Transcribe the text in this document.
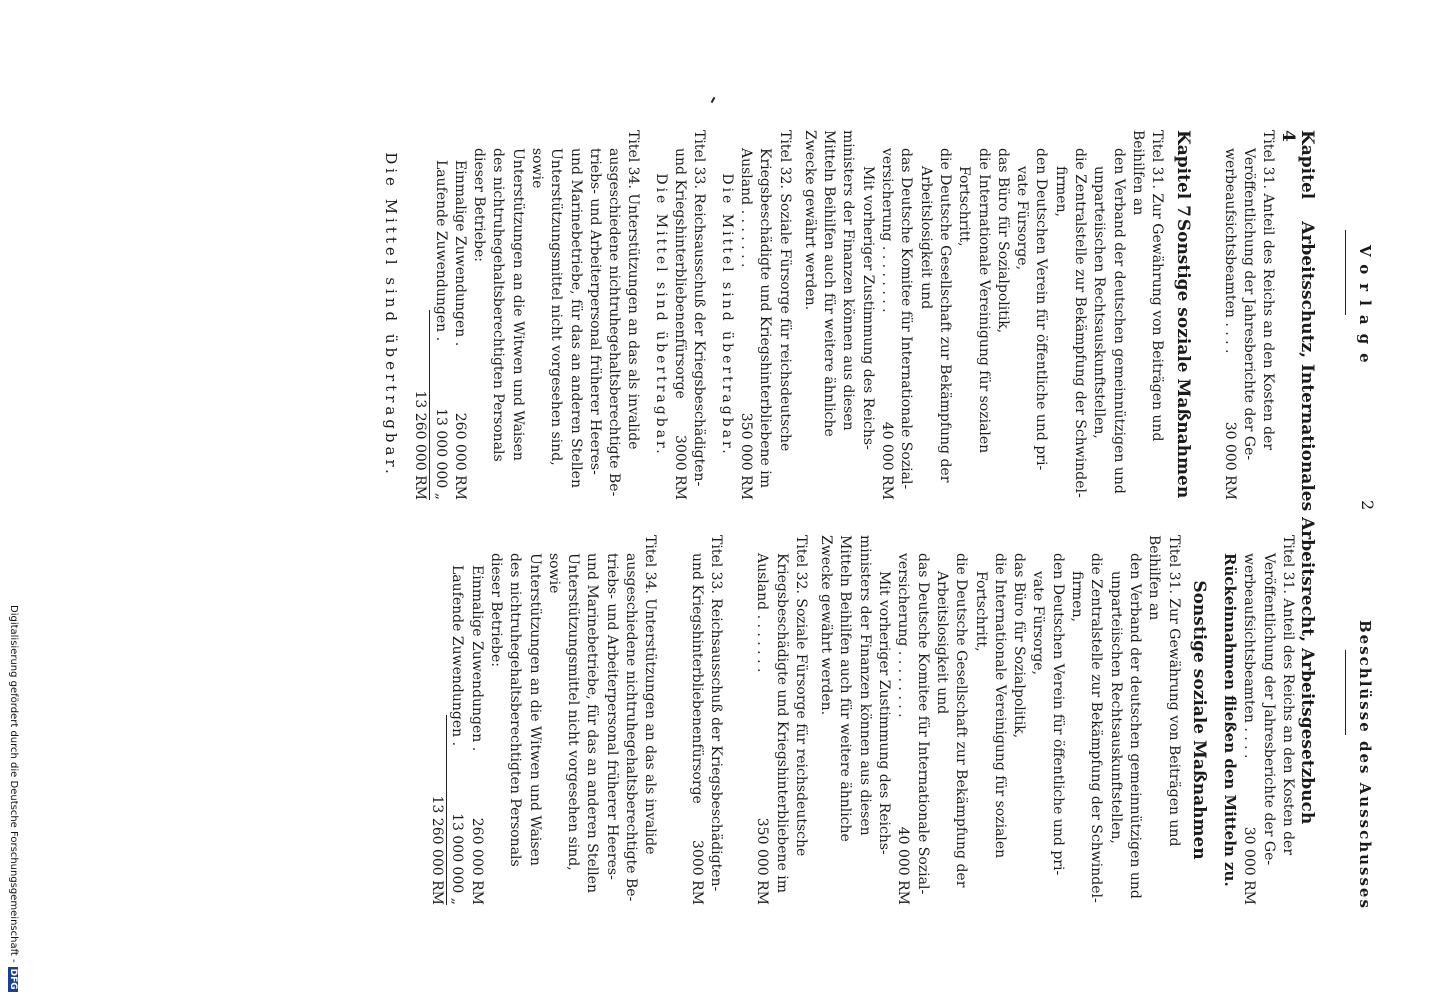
Vorlage
2
Beschlüsse des Ausschusses
Kapitel 4
Arbeitsschutz, Internationales Arbeitsrecht, Arbeitsgesetzbuch
Titel 31. Anteil des Reichs an den Kosten der
Veröffentlichung der Jahresberichte der Ge-
werbeaufsichtsbeamten . . . .
30 000 RM
Kapitel 7
Sonstige soziale Maßnahmen
Titel 31. Zur Gewährung von Beiträgen und
Beihilfen an
den Verband der deutschen gemeinnützigen und
unparteiischen Rechtsauskunftstellen,
die Zentralstelle zur Bekämpfung der Schwindel-
firmen,
den Deutschen Verein für öffentliche und pri-
vate Fürsorge,
das Büro für Sozialpolitik,
die Internationale Vereinigung für sozialen
Fortschritt,
die Deutsche Gesellschaft zur Bekämpfung der
Arbeitslosigkeit und
das Deutsche Komitee für Internationale Sozial-
versicherung . . . . . . . .
40 000 RM
Mit vorheriger Zustimmung des Reichs-
ministers der Finanzen können aus diesen
Mitteln Beihilfen auch für weitere ähnliche
Zwecke gewährt werden.
Titel 32. Soziale Fürsorge für reichsdeutsche
Kriegsbeschädigte und Kriegshinterbliebene im
Ausland . . . . . . .
350 000 RM
Die Mittel sind übertragbar.
Titel 33. Reichsausschuß der Kriegsbeschädigten-
und Kriegshinterbliebenenfürsorge
3000 RM
Die Mittel sind übertragbar.
Titel 34. Unterstützungen an das als invalide
ausgeschiedene nichtruhegehaltsberechtigte Be-
triebs- und Arbeiterpersonal früherer Heeres-
und Marinebetriebe, für das an anderen Stellen
Unterstützungsmittel nicht vorgesehen sind, sowie
Unterstützungen an die Witwen und Waisen
des nichtruhegehaltsberechtigten Personals
dieser Betriebe:
Einmalige Zuwendungen .
260 000 RM
Laufende Zuwendungen .
13 000 000 „
13 260 000 RM
Die Mittel sind übertragbar.
Titel 31. Anteil des Reichs an den Kosten der
Veröffentlichung der Jahresberichte der Ge-
werbeaufsichtsbeamten . . . .
30 000 RM
Rückeinnahmen fließen den Mitteln zu.
Sonstige soziale Maßnahmen
Titel 31. Zur Gewährung von Beiträgen und
Beihilfen an
den Verband der deutschen gemeinnützigen und
unparteiischen Rechtsauskunftstellen,
die Zentralstelle zur Bekämpfung der Schwindel-
firmen,
den Deutschen Verein für öffentliche und pri-
vate Fürsorge,
das Büro für Sozialpolitik,
die Internationale Vereinigung für sozialen
Fortschritt,
die Deutsche Gesellschaft zur Bekämpfung der
Arbeitslosigkeit und
das Deutsche Komitee für Internationale Sozial-
versicherung . . . . . . . .
40 000 RM
Mit vorheriger Zustimmung des Reichs-
ministers der Finanzen können aus diesen
Mitteln Beihilfen auch für weitere ähnliche
Zwecke gewährt werden.
Titel 32. Soziale Fürsorge für reichsdeutsche
Kriegsbeschädigte und Kriegshinterbliebene im
Ausland . . . . . . .
350 000 RM
Titel 33. Reichsausschuß der Kriegsbeschädigten-
und Kriegshinterbliebenenfürsorge
3000 RM
Titel 34. Unterstützungen an das als invalide
ausgeschiedene nichtruhegehaltsberechtigte Be-
triebs- und Arbeiterpersonal früherer Heeres-
und Marinebetriebe, für das an anderen Stellen
Unterstützungsmittel nicht vorgesehen sind, sowie
Unterstützungen an die Witwen und Waisen
des nichtruhegehaltsberechtigten Personals
dieser Betriebe:
Einmalige Zuwendungen .
260 000 RM
Laufende Zuwendungen .
13 000 000 „
13 260 000 RM
Digitalisierung gefördert durch die Deutsche Forschungsgemeinschaft -DFG
